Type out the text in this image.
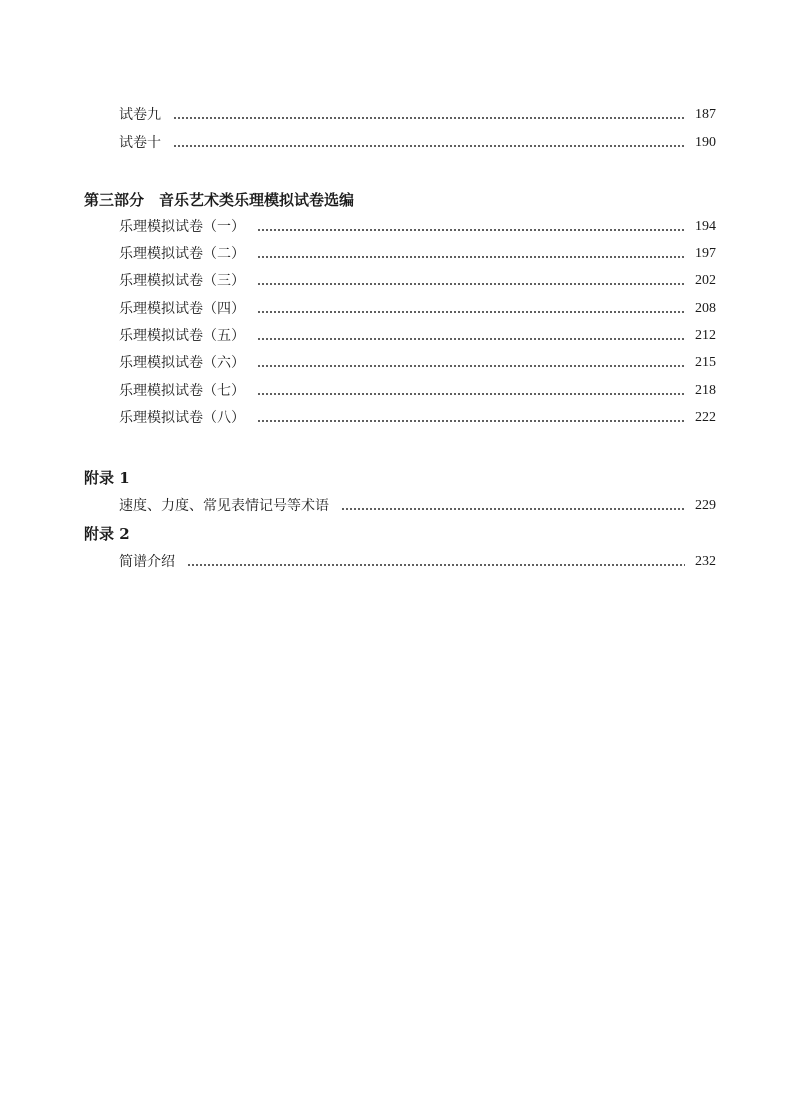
试卷九	187
试卷十	190
第三部分　音乐艺术类乐理模拟试卷选编
乐理模拟试卷（一）	194
乐理模拟试卷（二）	197
乐理模拟试卷（三）	202
乐理模拟试卷（四）	208
乐理模拟试卷（五）	212
乐理模拟试卷（六）	215
乐理模拟试卷（七）	218
乐理模拟试卷（八）	222
附录 1
速度、力度、常见表情记号等术语	229
附录 2
简谱介绍	232
